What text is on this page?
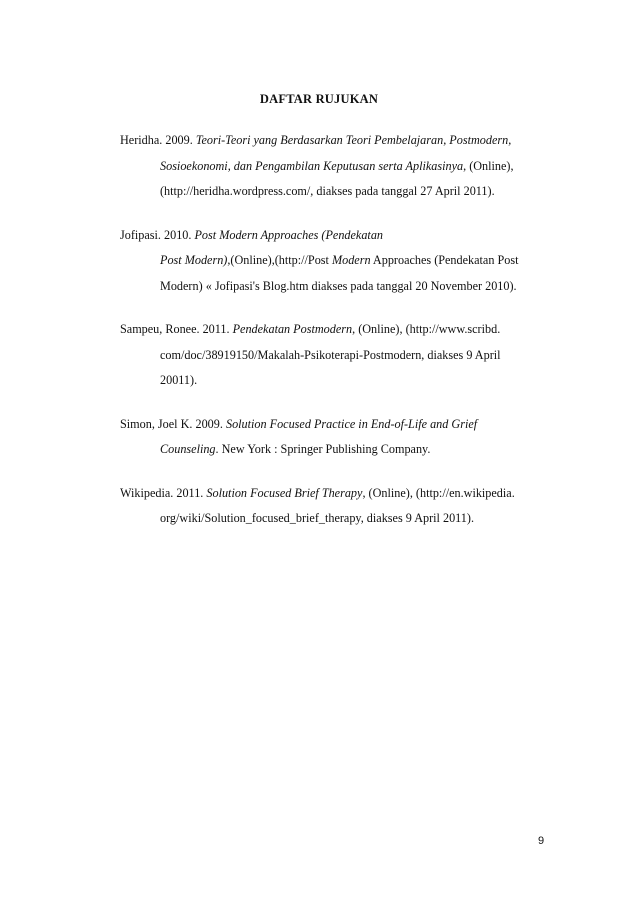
DAFTAR RUJUKAN
Heridha. 2009. Teori-Teori yang Berdasarkan Teori Pembelajaran, Postmodern,
Sosioekonomi, dan Pengambilan Keputusan serta Aplikasinya, (Online),
(http://heridha.wordpress.com/, diakses pada tanggal 27 April 2011).
Jofipasi. 2010. Post Modern Approaches (Pendekatan
Post Modern),(Online),(http://Post Modern Approaches (Pendekatan Post
Modern) « Jofipasi's Blog.htm diakses pada tanggal 20 November 2010).
Sampeu, Ronee. 2011. Pendekatan Postmodern, (Online), (http://www.scribd.
com/doc/38919150/Makalah-Psikoterapi-Postmodern, diakses 9 April
20011).
Simon, Joel K. 2009. Solution Focused Practice in End-of-Life and Grief
Counseling. New York : Springer Publishing Company.
Wikipedia. 2011. Solution Focused Brief Therapy, (Online), (http://en.wikipedia.
org/wiki/Solution_focused_brief_therapy, diakses 9 April 2011).
9
